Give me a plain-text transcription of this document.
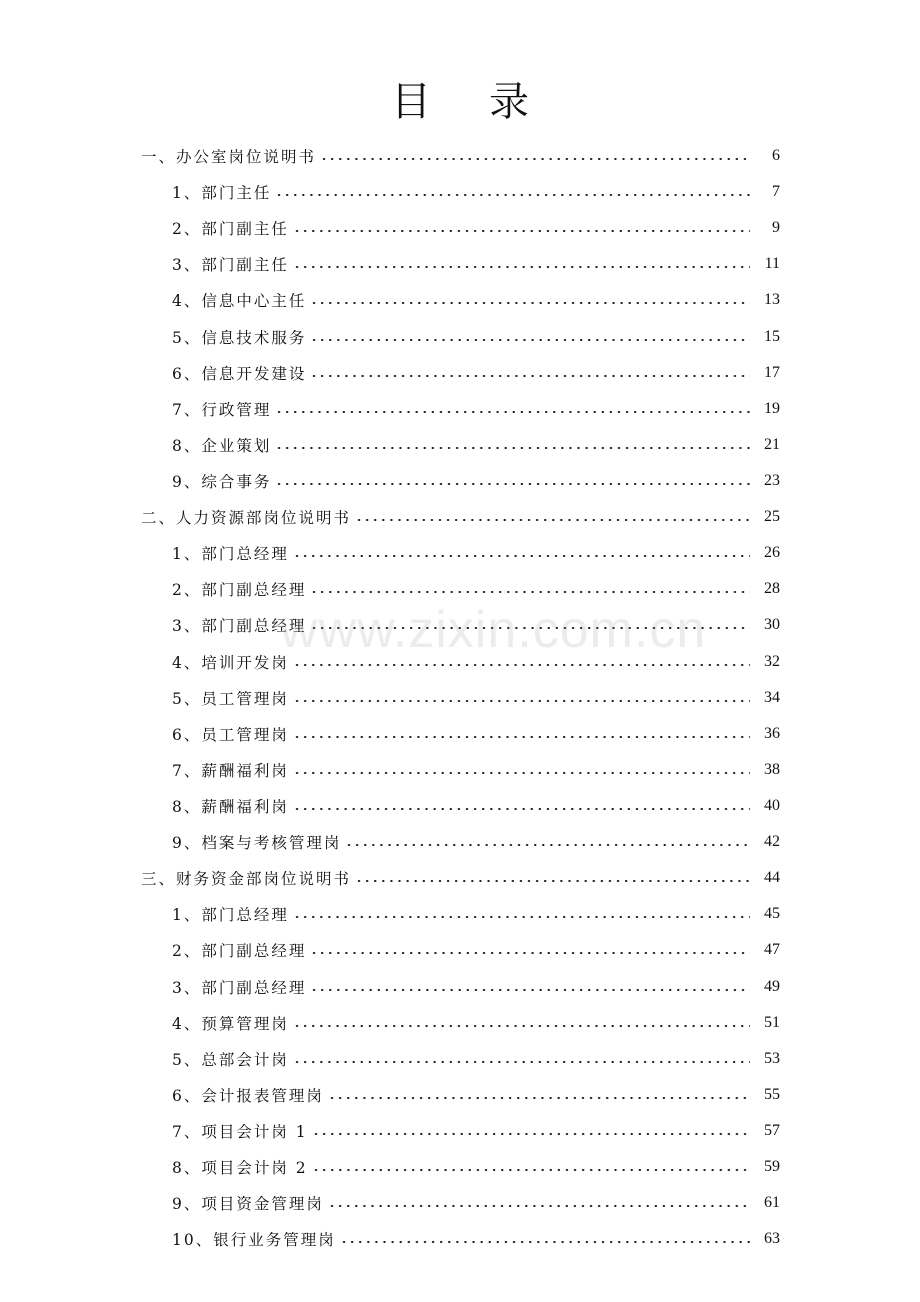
目录
一、办公室岗位说明书	6
1、部门主任	7
2、部门副主任	9
3、部门副主任	11
4、信息中心主任	13
5、信息技术服务	15
6、信息开发建设	17
7、行政管理	19
8、企业策划	21
9、综合事务	23
二、人力资源部岗位说明书	25
1、部门总经理	26
2、部门副总经理	28
3、部门副总经理	30
4、培训开发岗	32
5、员工管理岗	34
6、员工管理岗	36
7、薪酬福利岗	38
8、薪酬福利岗	40
9、档案与考核管理岗	42
三、财务资金部岗位说明书	44
1、部门总经理	45
2、部门副总经理	47
3、部门副总经理	49
4、预算管理岗	51
5、总部会计岗	53
6、会计报表管理岗	55
7、项目会计岗 1	57
8、项目会计岗 2	59
9、项目资金管理岗	61
10、银行业务管理岗	63
www.zixin.com.cn
